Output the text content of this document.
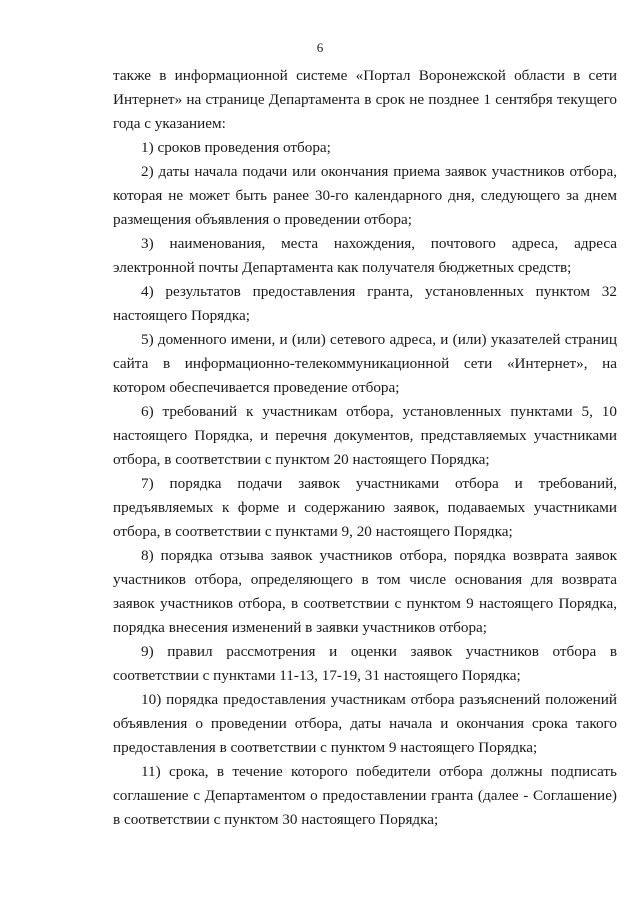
6

также в информационной системе «Портал Воронежской области в сети Интернет» на странице Департамента в срок не позднее 1 сентября текущего года с указанием:

1) сроков проведения отбора;

2) даты начала подачи или окончания приема заявок участников отбора, которая не может быть ранее 30-го календарного дня, следующего за днем размещения объявления о проведении отбора;

3) наименования, места нахождения, почтового адреса, адреса электронной почты Департамента как получателя бюджетных средств;

4) результатов предоставления гранта, установленных пунктом 32 настоящего Порядка;

5) доменного имени, и (или) сетевого адреса, и (или) указателей страниц сайта в информационно-телекоммуникационной сети «Интернет», на котором обеспечивается проведение отбора;

6) требований к участникам отбора, установленных пунктами 5, 10 настоящего Порядка, и перечня документов, представляемых участниками отбора, в соответствии с пунктом 20 настоящего Порядка;

7) порядка подачи заявок участниками отбора и требований, предъявляемых к форме и содержанию заявок, подаваемых участниками отбора, в соответствии с пунктами 9, 20 настоящего Порядка;

8) порядка отзыва заявок участников отбора, порядка возврата заявок участников отбора, определяющего в том числе основания для возврата заявок участников отбора, в соответствии с пунктом 9 настоящего Порядка, порядка внесения изменений в заявки участников отбора;

9) правил рассмотрения и оценки заявок участников отбора в соответствии с пунктами 11-13, 17-19, 31 настоящего Порядка;

10) порядка предоставления участникам отбора разъяснений положений объявления о проведении отбора, даты начала и окончания срока такого предоставления в соответствии с пунктом 9 настоящего Порядка;

11) срока, в течение которого победители отбора должны подписать соглашение с Департаментом о предоставлении гранта (далее - Соглашение) в соответствии с пунктом 30 настоящего Порядка;
